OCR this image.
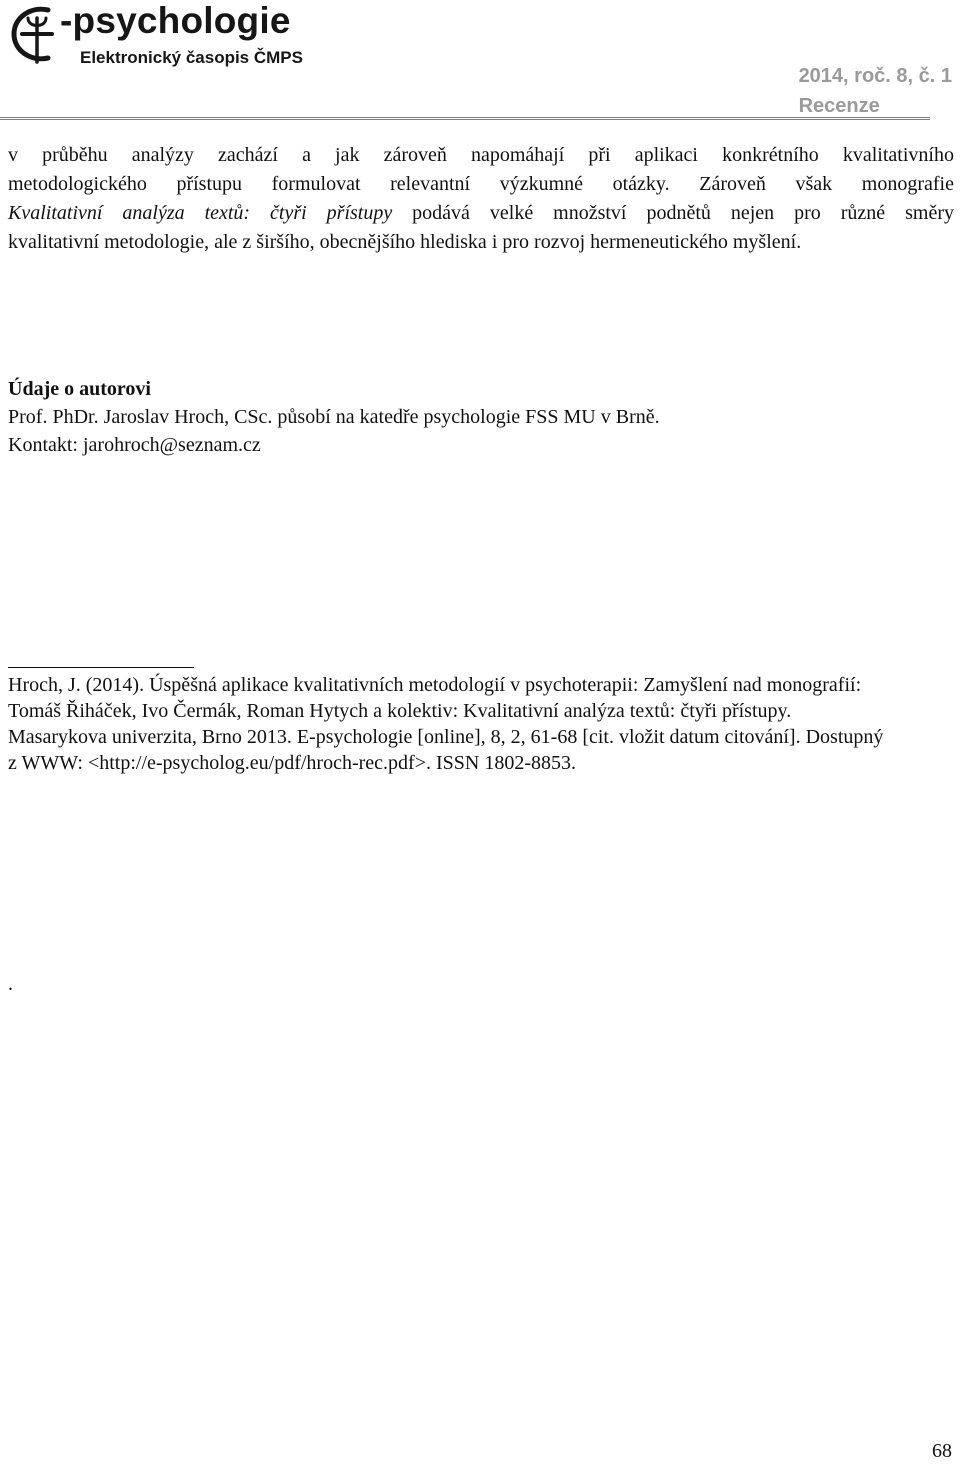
-psychologie
Elektronický časopis ČMPS
2014, roč. 8, č. 1
Recenze
v průběhu analýzy zachází a jak zároveň napomáhají při aplikaci konkrétního kvalitativního
metodologického přístupu formulovat relevantní výzkumné otázky. Zároveň však monografie
Kvalitativní analýza textů: čtyři přístupy podává velké množství podnětů nejen pro různé směry
kvalitativní metodologie, ale z širšího, obecnějšího hlediska i pro rozvoj hermeneutického myšlení.
Údaje o autorovi
Prof. PhDr. Jaroslav Hroch, CSc. působí na katedře psychologie FSS MU v Brně.
Kontakt: jarohroch@seznam.cz
Hroch, J. (2014). Úspěšná aplikace kvalitativních metodologií v psychoterapii: Zamyšlení nad monografií:
Tomáš Řiháček, Ivo Čermák, Roman Hytych a kolektiv: Kvalitativní analýza textů: čtyři přístupy.
Masarykova univerzita, Brno 2013. E-psychologie [online], 8, 2, 61-68 [cit. vložit datum citování]. Dostupný
z WWW: <http://e-psycholog.eu/pdf/hroch-rec.pdf>. ISSN 1802-8853.
.
68
